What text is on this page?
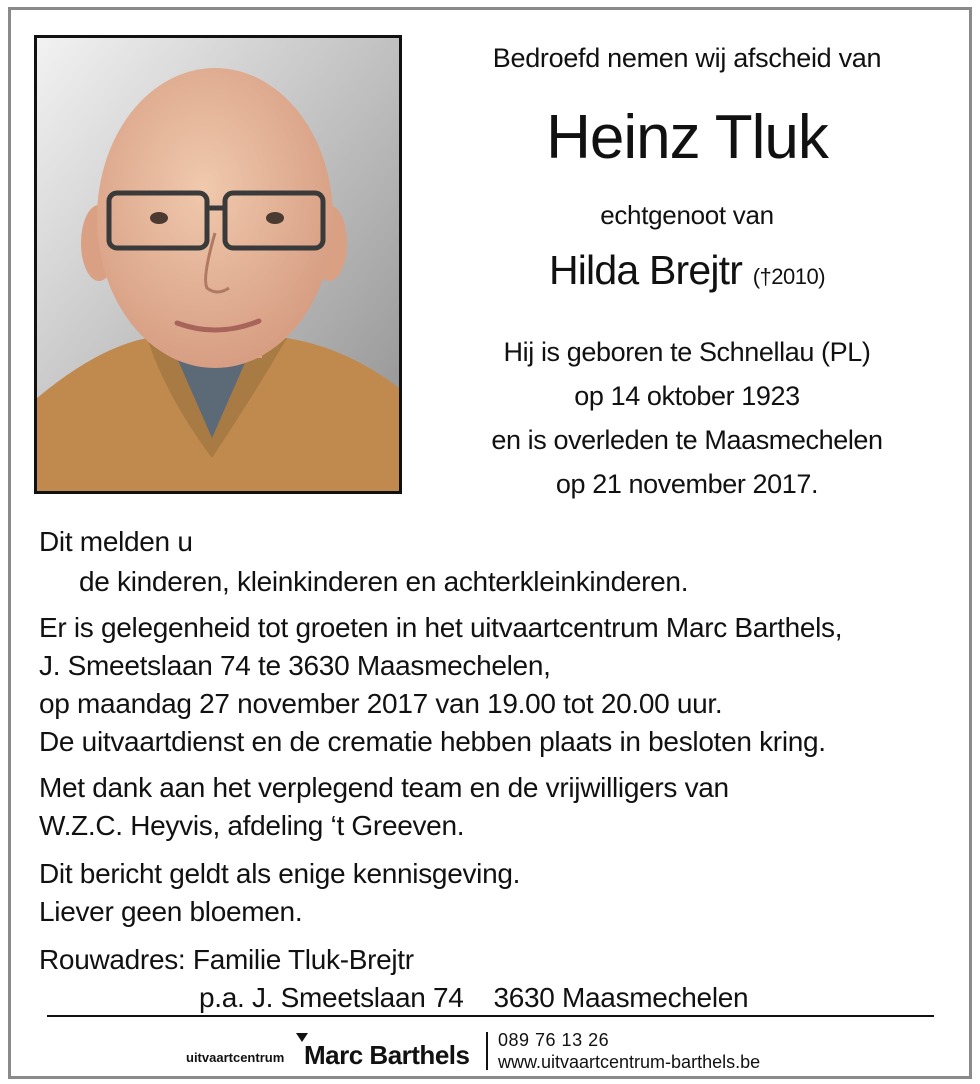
Bedroefd nemen wij afscheid van
Heinz Tluk
echtgenoot van
Hilda Brejtr (†2010)
Hij is geboren te Schnellau (PL)
op 14 oktober 1923
en is overleden te Maasmechelen
op 21 november 2017.
Dit melden u
de kinderen, kleinkinderen en achterkleinkinderen.
Er is gelegenheid tot groeten in het uitvaartcentrum Marc Barthels,
J. Smeetslaan 74 te 3630 Maasmechelen,
op maandag 27 november 2017 van 19.00 tot 20.00 uur.
De uitvaartdienst en de crematie hebben plaats in besloten kring.
Met dank aan het verplegend team en de vrijwilligers van
W.Z.C. Heyvis, afdeling ‘t Greeven.
Dit bericht geldt als enige kennisgeving.
Liever geen bloemen.
Rouwadres: Familie Tluk-Brejtr
p.a. J. Smeetslaan 74    3630 Maasmechelen
uitvaartcentrum Marc Barthels 089 76 13 26
www.uitvaartcentrum-barthels.be
